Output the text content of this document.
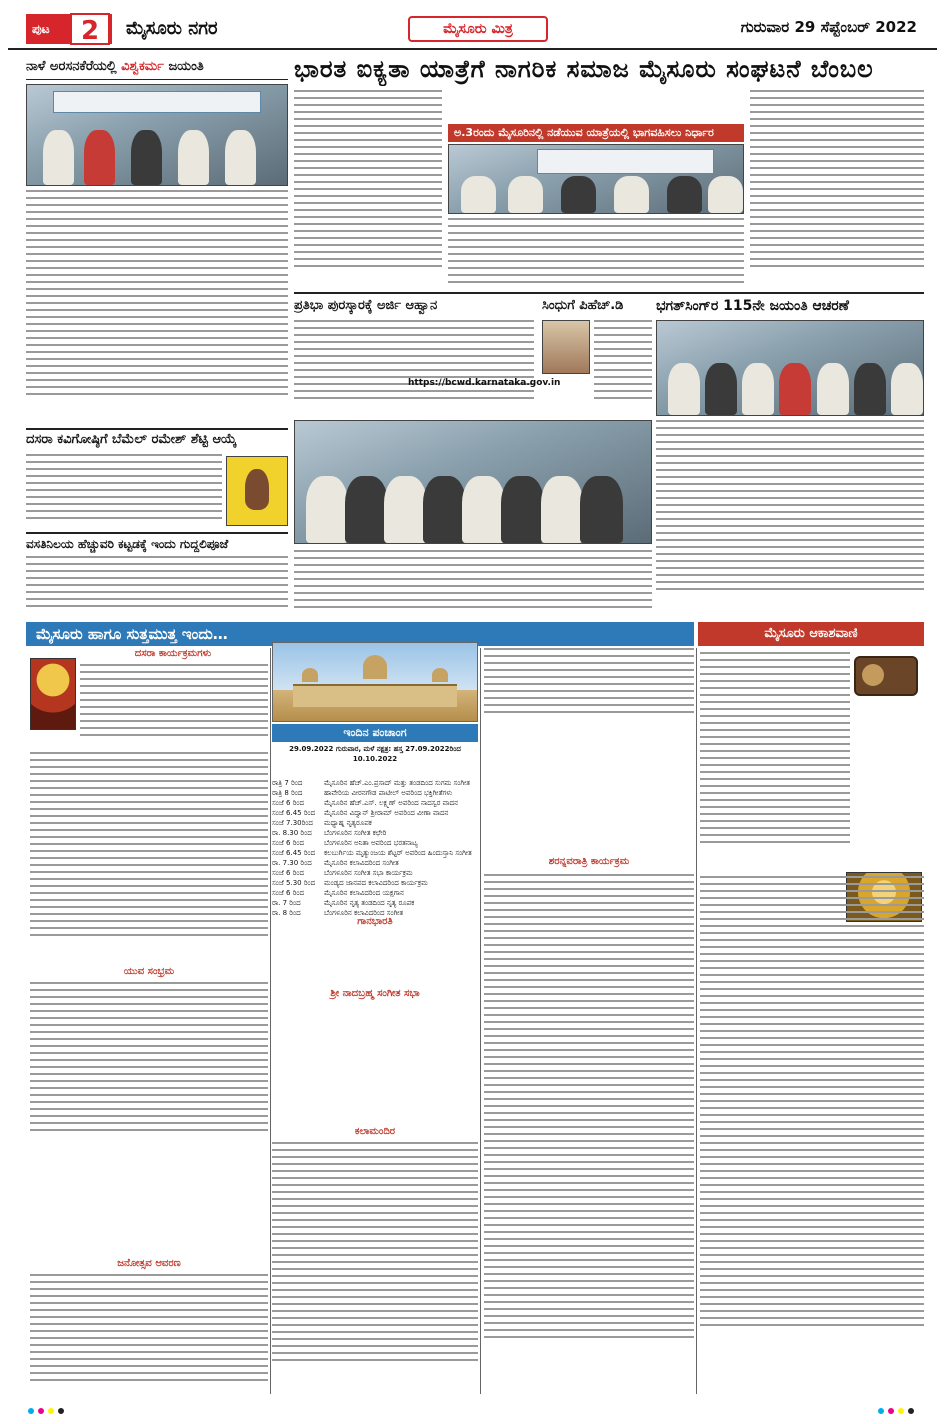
ಪುಟ	2	ಮೈಸೂರು ನಗರ	ಮೈಸೂರು ಮಿತ್ರ	ಗುರುವಾರ 29 ಸೆಪ್ಟೆಂಬರ್ 2022
ನಾಳೆ ಅರಸನಕೆರೆಯಲ್ಲಿ ವಿಶ್ವಕರ್ಮ ಜಯಂತಿ	ಭಾರತ ಐಕ್ಯತಾ ಯಾತ್ರೆಗೆ ನಾಗರಿಕ ಸಮಾಜ ಮೈಸೂರು ಸಂಘಟನೆ ಬೆಂಬಲ
ಅ.3ರಂದು ಮೈಸೂರಿನಲ್ಲಿ ನಡೆಯುವ ಯಾತ್ರೆಯಲ್ಲಿ ಭಾಗವಹಿಸಲು ನಿರ್ಧಾರ
ಪ್ರತಿಭಾ ಪುರಸ್ಕಾರಕ್ಕೆ ಅರ್ಜಿ ಆಹ್ವಾನ
https://bcwd.karnataka.gov.in
ಸಿಂಧುಗೆ ಪಿಹೆಚ್.ಡಿ	ಭಗತ್‌ಸಿಂಗ್‌ರ 115ನೇ ಜಯಂತಿ ಆಚರಣೆ
ದಸರಾ ಕವಿಗೋಷ್ಠಿಗೆ ಬೆಮೆಲ್ ರಮೇಶ್ ಶೆಟ್ಟಿ ಆಯ್ಕೆ
ವಸತಿನಿಲಯ ಹೆಚ್ಚುವರಿ ಕಟ್ಟಡಕ್ಕೆ ಇಂದು ಗುದ್ದಲಿಪೂಜೆ
ಮೈಸೂರು ಹಾಗೂ ಸುತ್ತಮುತ್ತ ಇಂದು…	ಮೈಸೂರು ಆಕಾಶವಾಣಿ
ದಸರಾ ಕಾರ್ಯಕ್ರಮಗಳು
ಯುವ ಸಂಭ್ರಮ
ಜನೋತ್ಸವ ಆವರಣ
ಇಂದಿನ ಪಂಚಾಂಗ
29.09.2022 ಗುರುವಾರ, ಮಳೆ ನಕ್ಷತ್ರ: ಹಸ್ತ 27.09.2022ರಿಂದ 10.10.2022
ರಾತ್ರಿ 7 ರಿಂದ	ಮೈಸೂರಿನ ಹೆಚ್.ಎಂ.ಪ್ರಸಾದ್ ಮತ್ತು ತಂಡದಿಂದ ಸುಗಮ ಸಂಗೀತ
ರಾತ್ರಿ 8 ರಿಂದ	ಹಾವೇರಿಯ ವೀರನಗೌಡ ಪಾಟೀಲ್ ಅವರಿಂದ ಭಕ್ತಿಗೀತೆಗಳು
ಸಂಜೆ 6 ರಿಂದ	ಮೈಸೂರಿನ ಹೆಚ್.ಎಸ್. ಲಕ್ಷ್ಮಣ್ ಅವರಿಂದ ನಾದಸ್ವರ ವಾದನ
ಸಂಜೆ 6.45 ರಿಂದ	ಮೈಸೂರಿನ ವಿದ್ವಾನ್ ಶ್ರೀರಾಮ್ ಅವರಿಂದ ವೀಣಾ ವಾದನ
ಸಂಜೆ 7.30ರಿಂದ	ಮಧ್ಯಾಹ್ನ ನೃತ್ಯರೂಪಕ
ರಾ. 8.30 ರಿಂದ	ಬೆಂಗಳೂರಿನ ಸಂಗೀತ ಕಛೇರಿ
ಸಂಜೆ 6 ರಿಂದ	ಬೆಂಗಳೂರಿನ ಅನಿತಾ ಅವರಿಂದ ಭರತನಾಟ್ಯ
ಸಂಜೆ 6.45 ರಿಂದ	ಕಲಬುರ್ಗಿಯ ಮೃತ್ಯುಂಜಯ ಶೆಟ್ಟರ್ ಅವರಿಂದ ಹಿಂದುಸ್ತಾನಿ ಸಂಗೀತ
ರಾ. 7.30 ರಿಂದ	ಮೈಸೂರಿನ ಕಲಾವಿದರಿಂದ ಸಂಗೀತ
ಸಂಜೆ 6 ರಿಂದ	ಬೆಂಗಳೂರಿನ ಸಂಗೀತ ಸಭಾ ಕಾರ್ಯಕ್ರಮ
ಸಂಜೆ 5.30 ರಿಂದ	ಮಂಡ್ಯದ ಜಾನಪದ ಕಲಾವಿದರಿಂದ ಕಾರ್ಯಕ್ರಮ
ಸಂಜೆ 6 ರಿಂದ	ಮೈಸೂರಿನ ಕಲಾವಿದರಿಂದ ಯಕ್ಷಗಾನ
ರಾ. 7 ರಿಂದ	ಮೈಸೂರಿನ ನೃತ್ಯ ತಂಡದಿಂದ ನೃತ್ಯ ರೂಪಕ
ರಾ. 8 ರಿಂದ	ಬೆಂಗಳೂರಿನ ಕಲಾವಿದರಿಂದ ಸಂಗೀತ
ಗಾನಭಾರತಿ
ಶ್ರೀ ನಾದಬ್ರಹ್ಮ ಸಂಗೀತ ಸಭಾ
ಕಲಾಮಂದಿರ
ಶರನ್ನವರಾತ್ರಿ ಕಾರ್ಯಕ್ರಮ
